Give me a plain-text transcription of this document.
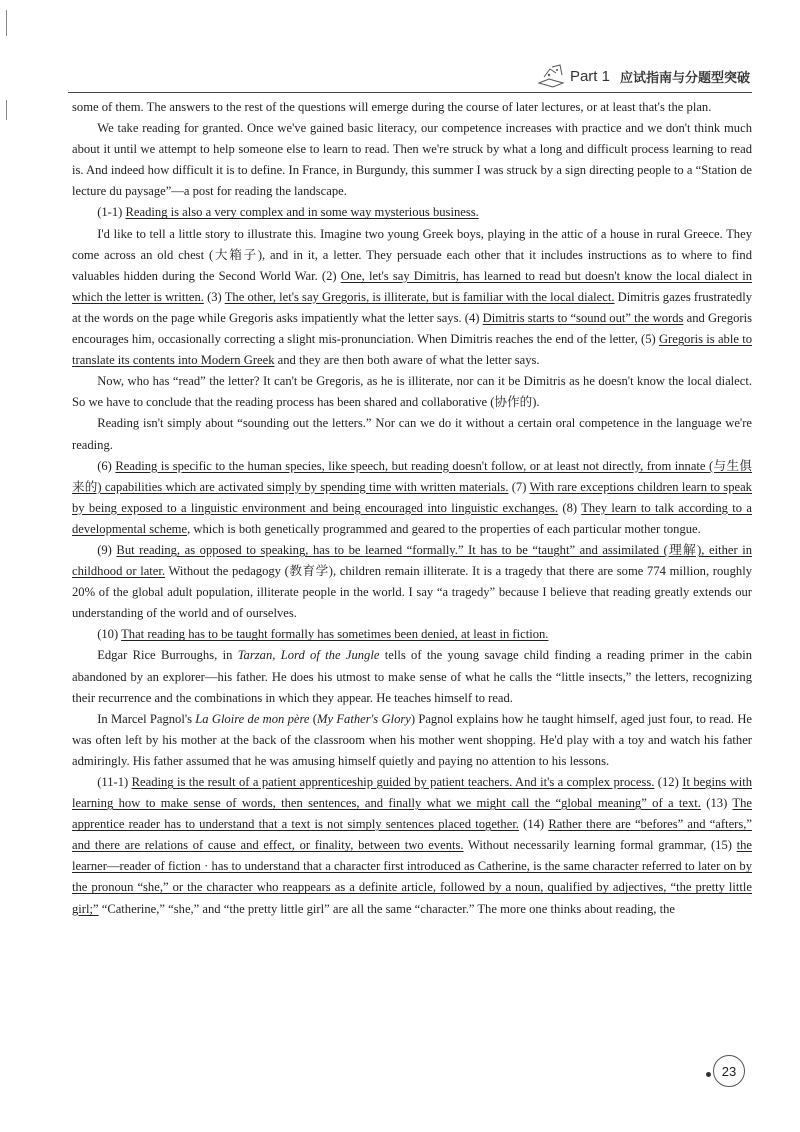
Part 1 应试指南与分题型突破

some of them. The answers to the rest of the questions will emerge during the course of later lectures, or at least that's the plan.

We take reading for granted. Once we've gained basic literacy, our competence increases with practice and we don't think much about it until we attempt to help someone else to learn to read. Then we're struck by what a long and difficult process learning to read is. And indeed how difficult it is to define. In France, in Burgundy, this summer I was struck by a sign directing people to a “Station de lecture du paysage”—a post for reading the landscape.

(1-1) Reading is also a very complex and in some way mysterious business.

I'd like to tell a little story to illustrate this. Imagine two young Greek boys, playing in the attic of a house in rural Greece. They come across an old chest (大箱子), and in it, a letter. They persuade each other that it includes instructions as to where to find valuables hidden during the Second World War. (2) One, let's say Dimitris, has learned to read but doesn't know the local dialect in which the letter is written. (3) The other, let's say Gregoris, is illiterate, but is familiar with the local dialect. Dimitris gazes frustratedly at the words on the page while Gregoris asks impatiently what the letter says. (4) Dimitris starts to “sound out” the words and Gregoris encourages him, occasionally correcting a slight mis-pronunciation. When Dimitris reaches the end of the letter, (5) Gregoris is able to translate its contents into Modern Greek and they are then both aware of what the letter says.

Now, who has “read” the letter? It can't be Gregoris, as he is illiterate, nor can it be Dimitris as he doesn't know the local dialect. So we have to conclude that the reading process has been shared and collaborative (协作的).

Reading isn't simply about “sounding out the letters.” Nor can we do it without a certain oral competence in the language we're reading.

(6) Reading is specific to the human species, like speech, but reading doesn't follow, or at least not directly, from innate (与生俱来的) capabilities which are activated simply by spending time with written materials. (7) With rare exceptions children learn to speak by being exposed to a linguistic environment and being encouraged into linguistic exchanges. (8) They learn to talk according to a developmental scheme, which is both genetically programmed and geared to the properties of each particular mother tongue.

(9) But reading, as opposed to speaking, has to be learned “formally.” It has to be “taught” and assimilated (理解), either in childhood or later. Without the pedagogy (教育学), children remain illiterate. It is a tragedy that there are some 774 million, roughly 20% of the global adult population, illiterate people in the world. I say “a tragedy” because I believe that reading greatly extends our understanding of the world and of ourselves.

(10) That reading has to be taught formally has sometimes been denied, at least in fiction.

Edgar Rice Burroughs, in Tarzan, Lord of the Jungle tells of the young savage child finding a reading primer in the cabin abandoned by an explorer—his father. He does his utmost to make sense of what he calls the “little insects,” the letters, recognizing their recurrence and the combinations in which they appear. He teaches himself to read.

In Marcel Pagnol's La Gloire de mon père (My Father's Glory) Pagnol explains how he taught himself, aged just four, to read. He was often left by his mother at the back of the classroom when his mother went shopping. He'd play with a toy and watch his father admiringly. His father assumed that he was amusing himself quietly and paying no attention to his lessons.

(11-1) Reading is the result of a patient apprenticeship guided by patient teachers. And it's a complex process. (12) It begins with learning how to make sense of words, then sentences, and finally what we might call the “global meaning” of a text. (13) The apprentice reader has to understand that a text is not simply sentences placed together. (14) Rather there are “befores” and “afters,” and there are relations of cause and effect, or finality, between two events. Without necessarily learning formal grammar, (15) the learner—reader of fiction · has to understand that a character first introduced as Catherine, is the same character referred to later on by the pronoun “she,” or the character who reappears as a definite article, followed by a noun, qualified by adjectives, “the pretty little girl;” “Catherine,” “she,” and “the pretty little girl” are all the same “character.” The more one thinks about reading, the

23
